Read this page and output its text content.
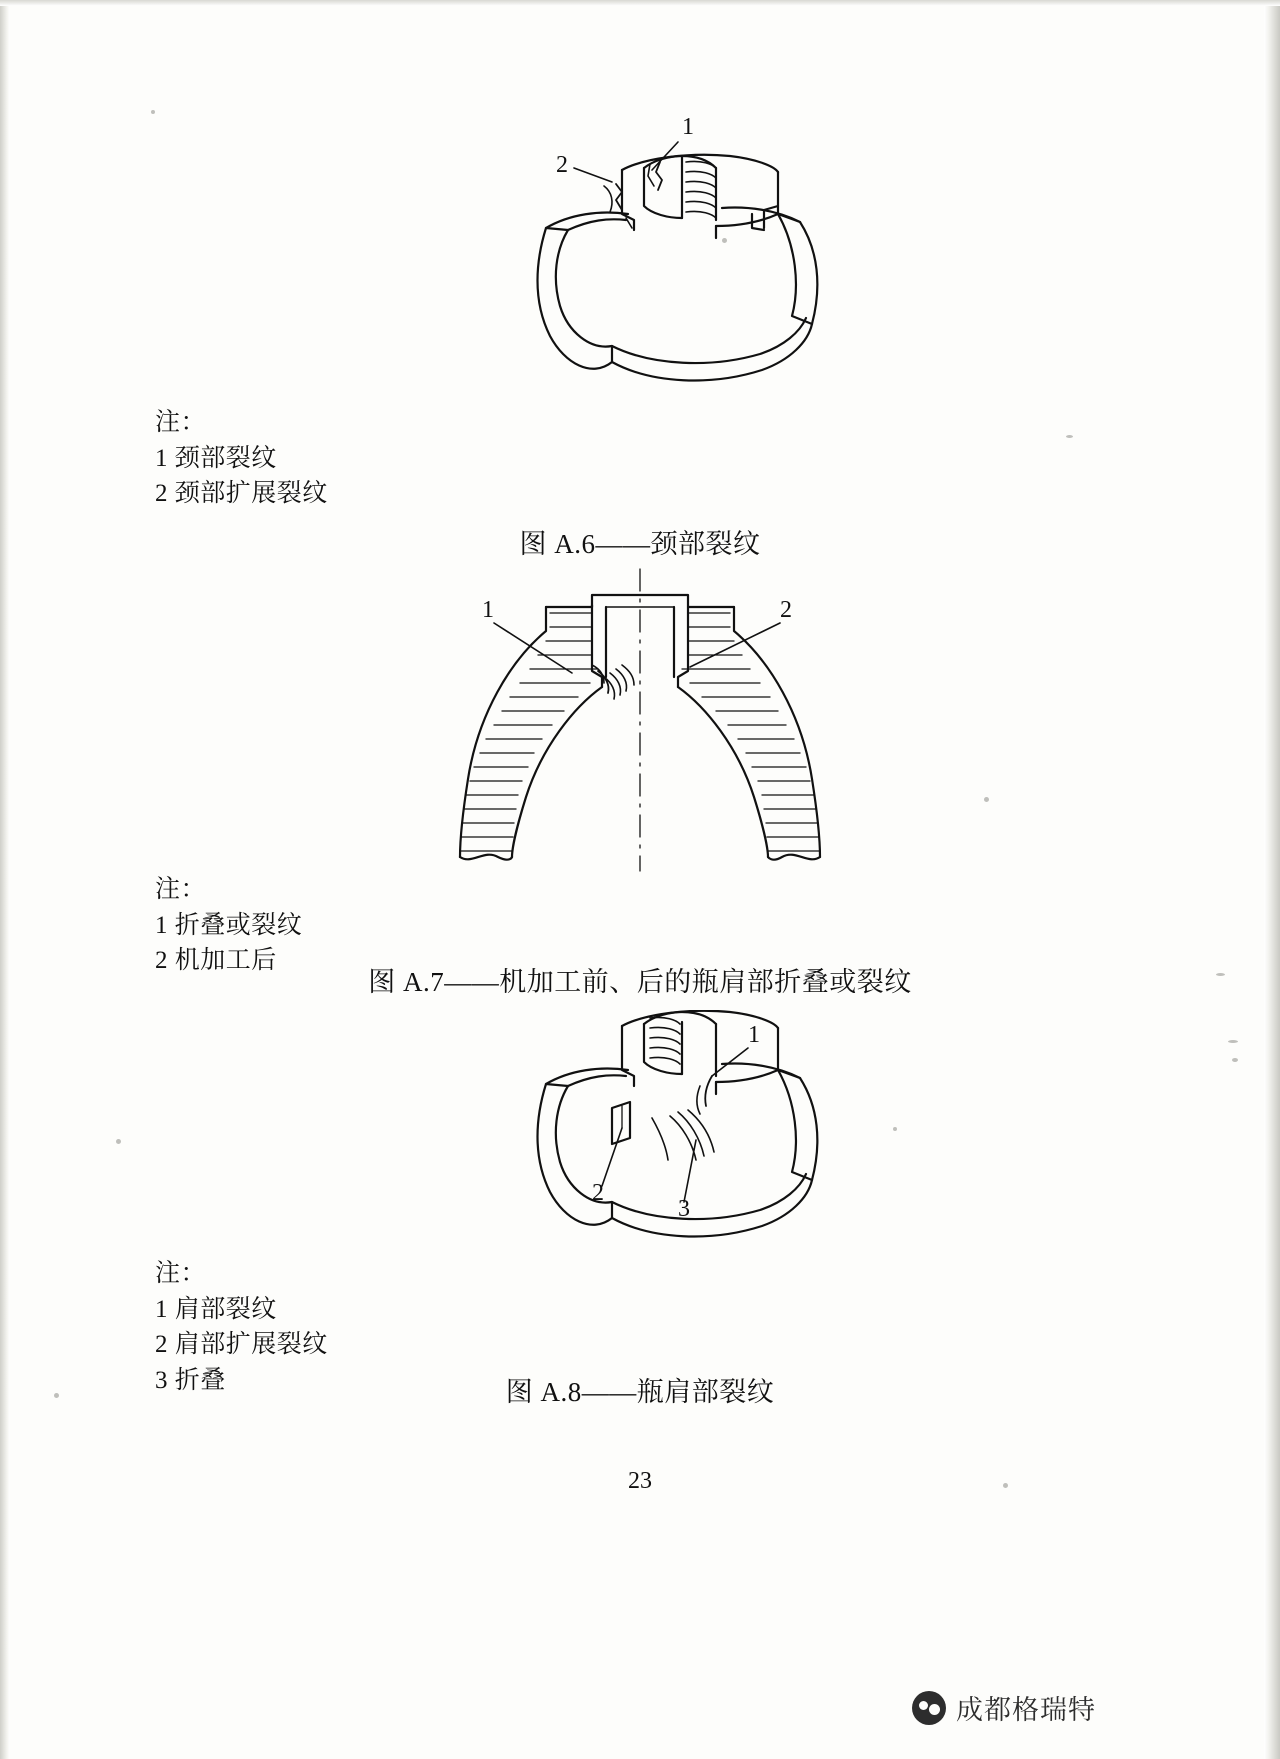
1
2
注：
1 颈部裂纹
2 颈部扩展裂纹
图 A.6——颈部裂纹
1	2
注：
1 折叠或裂纹
2 机加工后
图 A.7——机加工前、后的瓶肩部折叠或裂纹
1
2
3
注：
1 肩部裂纹
2 肩部扩展裂纹
3 折叠	图 A.8——瓶肩部裂纹
23
成都格瑞特
